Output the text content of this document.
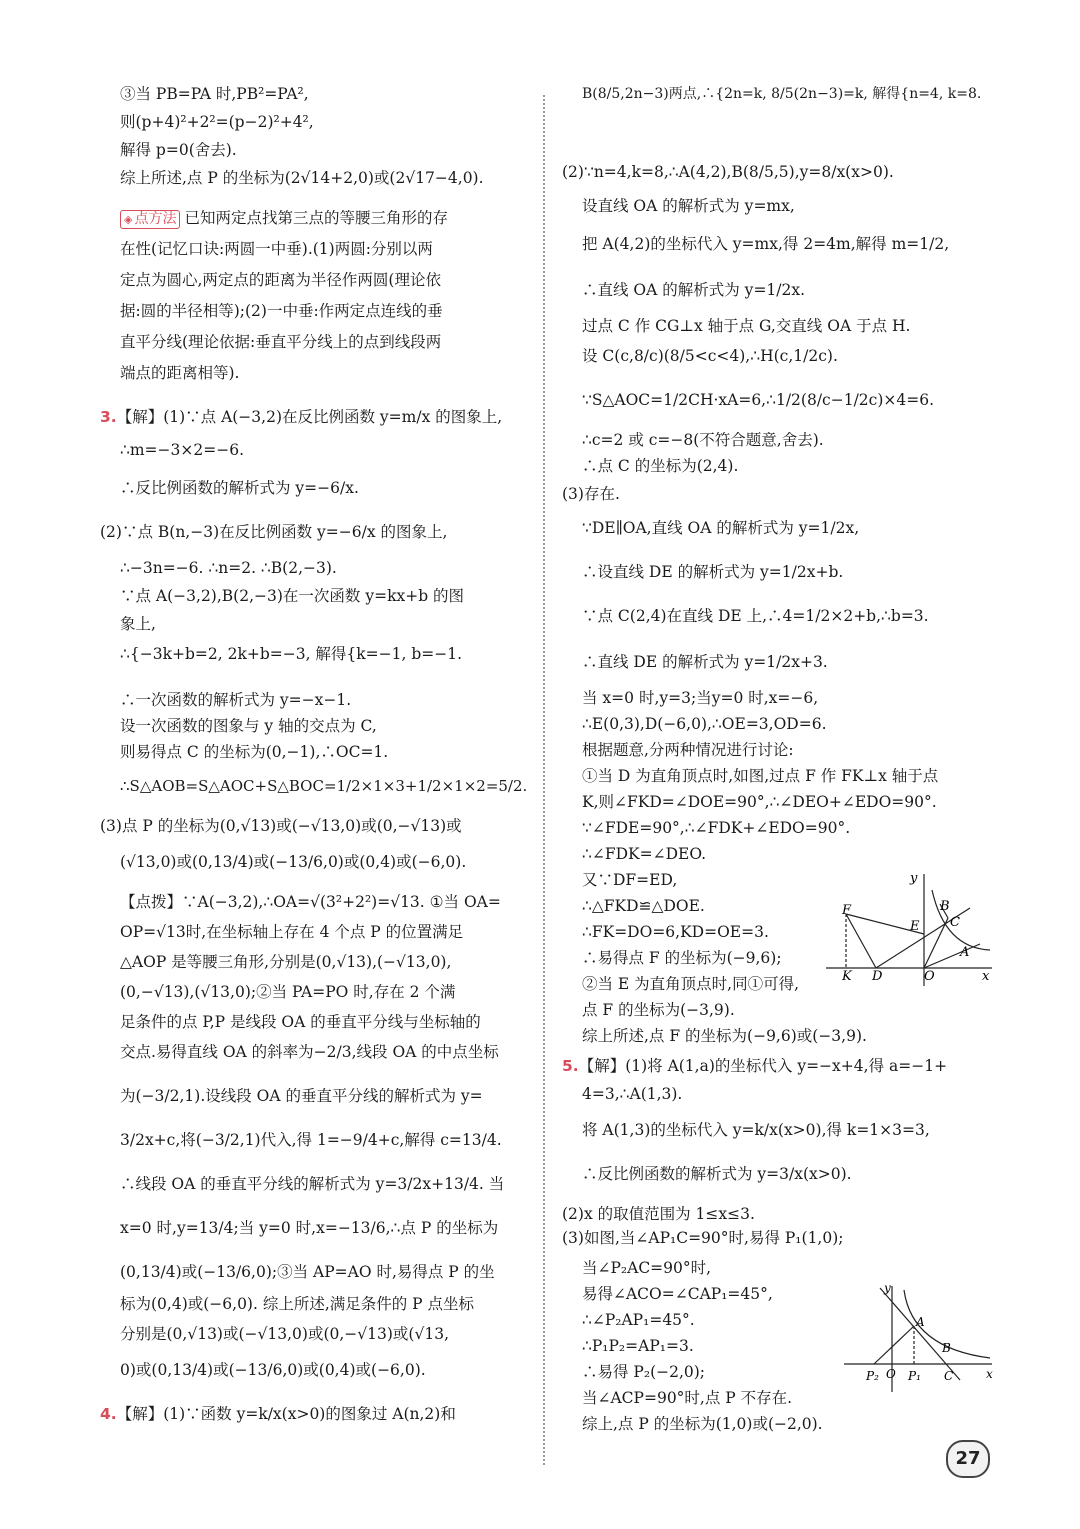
③当 PB=PA 时,PB²=PA²,

则(p+4)²+2²=(p−2)²+4²,

解得 p=0(舍去).

综上所述,点 P 的坐标为(2√14+2,0)或(2√17−4,0).

◈ 点方法 已知两定点找第三点的等腰三角形的存

在性(记忆口诀:两圆一中垂).(1)两圆:分别以两

定点为圆心,两定点的距离为半径作两圆(理论依

据:圆的半径相等);(2)一中垂:作两定点连线的垂

直平分线(理论依据:垂直平分线上的点到线段两

端点的距离相等).

3.【解】(1)∵点 A(−3,2)在反比例函数 y=m/x 的图象上,

∴m=−3×2=−6.

∴反比例函数的解析式为 y=−6/x.

(2)∵点 B(n,−3)在反比例函数 y=−6/x 的图象上,

∴−3n=−6. ∴n=2. ∴B(2,−3).

∵点 A(−3,2),B(2,−3)在一次函数 y=kx+b 的图

象上,

∴{−3k+b=2, 2k+b=−3, 解得{k=−1, b=−1.

∴一次函数的解析式为 y=−x−1.

设一次函数的图象与 y 轴的交点为 C,

则易得点 C 的坐标为(0,−1),∴OC=1.

∴S△AOB=S△AOC+S△BOC=1/2×1×3+1/2×1×2=5/2.

(3)点 P 的坐标为(0,√13)或(−√13,0)或(0,−√13)或

(√13,0)或(0,13/4)或(−13/6,0)或(0,4)或(−6,0).

【点拨】∵A(−3,2),∴OA=√(3²+2²)=√13. ①当 OA=

OP=√13时,在坐标轴上存在 4 个点 P 的位置满足

△AOP 是等腰三角形,分别是(0,√13),(−√13,0),

(0,−√13),(√13,0);②当 PA=PO 时,存在 2 个满

足条件的点 P,P 是线段 OA 的垂直平分线与坐标轴的

交点.易得直线 OA 的斜率为−2/3,线段 OA 的中点坐标

为(−3/2,1).设线段 OA 的垂直平分线的解析式为 y=

3/2x+c,将(−3/2,1)代入,得 1=−9/4+c,解得 c=13/4.

∴线段 OA 的垂直平分线的解析式为 y=3/2x+13/4. 当

x=0 时,y=13/4;当 y=0 时,x=−13/6,∴点 P 的坐标为

(0,13/4)或(−13/6,0);③当 AP=AO 时,易得点 P 的坐

标为(0,4)或(−6,0). 综上所述,满足条件的 P 点坐标

分别是(0,√13)或(−√13,0)或(0,−√13)或(√13,

0)或(0,13/4)或(−13/6,0)或(0,4)或(−6,0).

4.【解】(1)∵函数 y=k/x(x>0)的图象过 A(n,2)和

B(8/5,2n−3)两点,∴{2n=k, 8/5(2n−3)=k, 解得{n=4, k=8.

(2)∵n=4,k=8,∴A(4,2),B(8/5,5),y=8/x(x>0).

设直线 OA 的解析式为 y=mx,

把 A(4,2)的坐标代入 y=mx,得 2=4m,解得 m=1/2,

∴直线 OA 的解析式为 y=1/2x.

过点 C 作 CG⊥x 轴于点 G,交直线 OA 于点 H.

设 C(c,8/c)(8/5<c<4),∴H(c,1/2c).

∵S△AOC=1/2CH·xA=6,∴1/2(8/c−1/2c)×4=6.

∴c=2 或 c=−8(不符合题意,舍去).

∴点 C 的坐标为(2,4).

(3)存在.

∵DE∥OA,直线 OA 的解析式为 y=1/2x,

∴设直线 DE 的解析式为 y=1/2x+b.

∵点 C(2,4)在直线 DE 上,∴4=1/2×2+b,∴b=3.

∴直线 DE 的解析式为 y=1/2x+3.

当 x=0 时,y=3;当y=0 时,x=−6,

∴E(0,3),D(−6,0),∴OE=3,OD=6.

根据题意,分两种情况进行讨论:

①当 D 为直角顶点时,如图,过点 F 作 FK⊥x 轴于点

K,则∠FKD=∠DOE=90°,∴∠DEO+∠EDO=90°.

∵∠FDE=90°,∴∠FDK+∠EDO=90°.

∴∠FDK=∠DEO.

又∵DF=ED,

∴△FKD≌△DOE.

∴FK=DO=6,KD=OE=3.

∴易得点 F 的坐标为(−9,6);

②当 E 为直角顶点时,同①可得,

点 F 的坐标为(−3,9).

综上所述,点 F 的坐标为(−9,6)或(−3,9).

5.【解】(1)将 A(1,a)的坐标代入 y=−x+4,得 a=−1+

4=3,∴A(1,3).

将 A(1,3)的坐标代入 y=k/x(x>0),得 k=1×3=3,

∴反比例函数的解析式为 y=3/x(x>0).

(2)x 的取值范围为 1≤x≤3.

(3)如图,当∠AP₁C=90°时,易得 P₁(1,0);

当∠P₂AC=90°时,

易得∠ACO=∠CAP₁=45°,

∴∠P₂AP₁=45°.

∴P₁P₂=AP₁=3.

∴易得 P₂(−2,0);

当∠ACP=90°时,点 P 不存在.

综上,点 P 的坐标为(1,0)或(−2,0).

y
x
F
E
B
C
A
K D	O
y
x
A
B
P₂ O P₁ C
27
